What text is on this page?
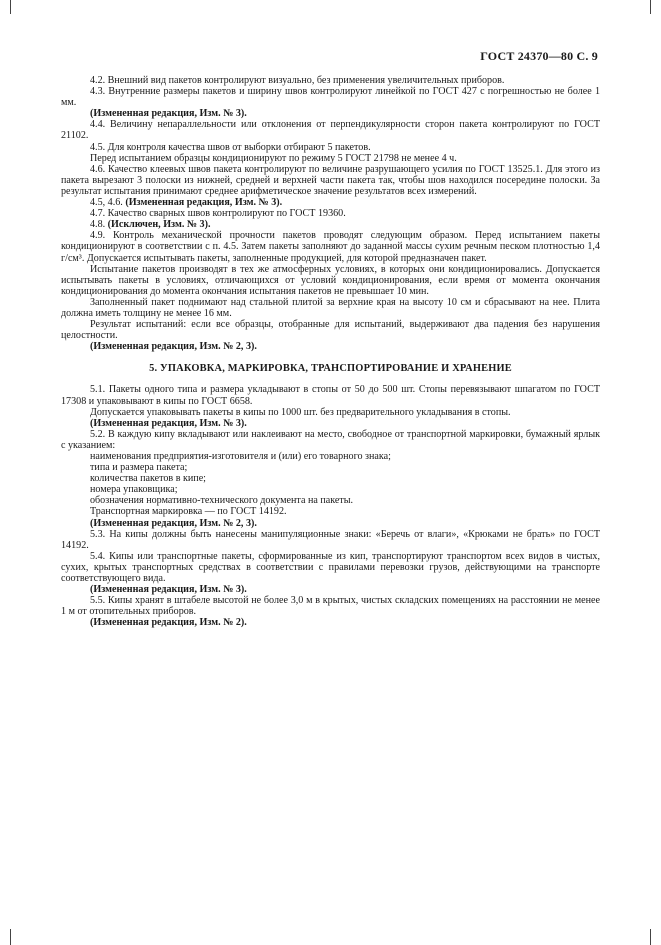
ГОСТ 24370—80 С. 9

4.2. Внешний вид пакетов контролируют визуально, без применения увеличительных приборов.

4.3. Внутренние размеры пакетов и ширину швов контролируют линейкой по ГОСТ 427 с погрешностью не более 1 мм.

(Измененная редакция, Изм. № 3).

4.4. Величину непараллельности или отклонения от перпендикулярности сторон пакета контролируют по ГОСТ 21102.

4.5. Для контроля качества швов от выборки отбирают 5 пакетов.

Перед испытанием образцы кондиционируют по режиму 5 ГОСТ 21798 не менее 4 ч.

4.6. Качество клеевых швов пакета контролируют по величине разрушающего усилия по ГОСТ 13525.1. Для этого из пакета вырезают 3 полоски из нижней, средней и верхней части пакета так, чтобы шов находился посередине полоски. За результат испытания принимают среднее арифметическое значение результатов всех измерений.

4.5, 4.6. (Измененная редакция, Изм. № 3).

4.7. Качество сварных швов контролируют по ГОСТ 19360.

4.8. (Исключен, Изм. № 3).

4.9. Контроль механической прочности пакетов проводят следующим образом. Перед испытанием пакеты кондиционируют в соответствии с п. 4.5. Затем пакеты заполняют до заданной массы сухим речным песком плотностью 1,4 г/см³. Допускается испытывать пакеты, заполненные продукцией, для которой предназначен пакет.

Испытание пакетов производят в тех же атмосферных условиях, в которых они кондиционировались. Допускается испытывать пакеты в условиях, отличающихся от условий кондиционирования, если время от момента окончания кондиционирования до момента окончания испытания пакетов не превышает 10 мин.

Заполненный пакет поднимают над стальной плитой за верхние края на высоту 10 см и сбрасывают на нее. Плита должна иметь толщину не менее 16 мм.

Результат испытаний: если все образцы, отобранные для испытаний, выдерживают два падения без нарушения целостности.

(Измененная редакция, Изм. № 2, 3).

5. УПАКОВКА, МАРКИРОВКА, ТРАНСПОРТИРОВАНИЕ И ХРАНЕНИЕ

5.1. Пакеты одного типа и размера укладывают в стопы от 50 до 500 шт. Стопы перевязывают шпагатом по ГОСТ 17308 и упаковывают в кипы по ГОСТ 6658.

Допускается упаковывать пакеты в кипы по 1000 шт. без предварительного укладывания в стопы.

(Измененная редакция, Изм. № 3).

5.2. В каждую кипу вкладывают или наклеивают на место, свободное от транспортной маркировки, бумажный ярлык с указанием:

наименования предприятия-изготовителя и (или) его товарного знака;

типа и размера пакета;

количества пакетов в кипе;

номера упаковщика;

обозначения нормативно-технического документа на пакеты.

Транспортная маркировка — по ГОСТ 14192.

(Измененная редакция, Изм. № 2, 3).

5.3. На кипы должны быть нанесены манипуляционные знаки: «Беречь от влаги», «Крюками не брать» по ГОСТ 14192.

5.4. Кипы или транспортные пакеты, сформированные из кип, транспортируют транспортом всех видов в чистых, сухих, крытых транспортных средствах в соответствии с правилами перевозки грузов, действующими на транспорте соответствующего вида.

(Измененная редакция, Изм. № 3).

5.5. Кипы хранят в штабеле высотой не более 3,0 м в крытых, чистых складских помещениях на расстоянии не менее 1 м от отопительных приборов.

(Измененная редакция, Изм. № 2).
